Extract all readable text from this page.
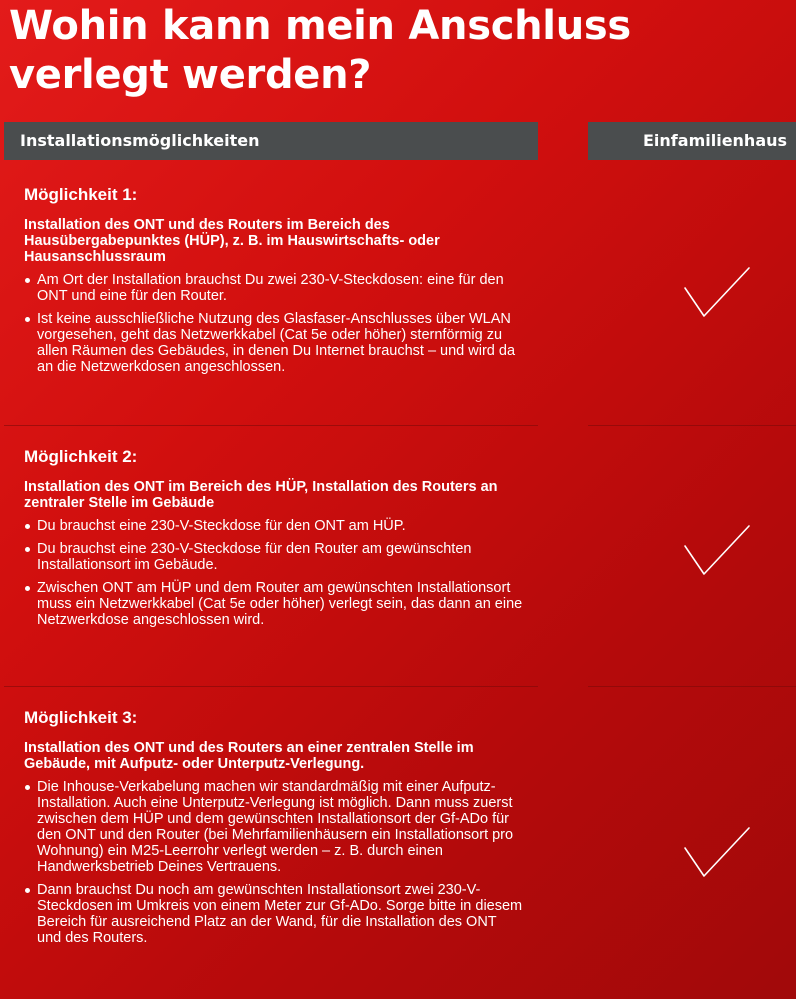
Wohin kann mein Anschluss
verlegt werden?
Installationsmöglichkeiten	Einfamilienhaus
Möglichkeit 1:

Installation des ONT und des Routers im Bereich des Hausübergabepunktes (HÜP), z. B. im Hauswirtschafts- oder Hausanschlussraum

Am Ort der Installation brauchst Du zwei 230-V-Steckdosen: eine für den ONT und eine für den Router.
Ist keine ausschließliche Nutzung des Glasfaser-Anschlusses über WLAN vorgesehen, geht das Netzwerkkabel (Cat 5e oder höher) sternförmig zu allen Räumen des Gebäudes, in denen Du Internet brauchst – und wird da an die Netzwerkdosen angeschlossen.
Möglichkeit 2:

Installation des ONT im Bereich des HÜP, Installation des Routers an zentraler Stelle im Gebäude

Du brauchst eine 230-V-Steckdose für den ONT am HÜP.
Du brauchst eine 230-V-Steckdose für den Router am gewünschten Installationsort im Gebäude.
Zwischen ONT am HÜP und dem Router am gewünschten Installationsort muss ein Netzwerkkabel (Cat 5e oder höher) verlegt sein, das dann an eine Netzwerkdose angeschlossen wird.
Möglichkeit 3:

Installation des ONT und des Routers an einer zentralen Stelle im Gebäude, mit Aufputz- oder Unterputz-Verlegung.

Die Inhouse-Verkabelung machen wir standardmäßig mit einer Aufputz-Installation. Auch eine Unterputz-Verlegung ist möglich. Dann muss zuerst zwischen dem HÜP und dem gewünschten Installationsort der Gf-ADo für den ONT und den Router (bei Mehrfamilienhäusern ein Installationsort pro Wohnung) ein M25-Leerrohr verlegt werden – z. B. durch einen Handwerksbetrieb Deines Vertrauens.
Dann brauchst Du noch am gewünschten Installationsort zwei 230-V-Steckdosen im Umkreis von einem Meter zur Gf-ADo. Sorge bitte in diesem Bereich für ausreichend Platz an der Wand, für die Installation des ONT und des Routers.
